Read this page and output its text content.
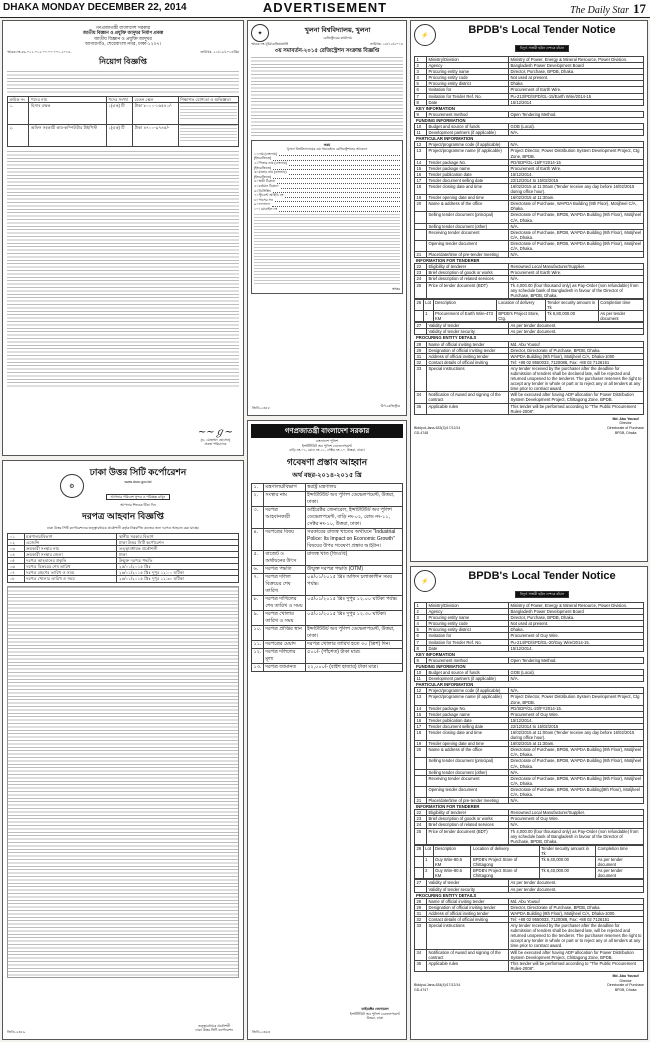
DHAKA MONDAY DECEMBER 22, 2014	ADVERTISEMENT	The Daily Star 17
গণপ্রজাতন্ত্রী বাংলাদেশ সরকার
জাতীয় বিজ্ঞান ও প্রযুক্তি জাদুঘর নির্মাণ প্রকল্প
জাতীয় বিজ্ঞান ও প্রযুক্তি জাদুঘর
আগারগাঁও, শেরেবাংলা নগর, ঢাকা-১২০৭।
স্মারক নং-৩৯.০১২.০১২.০০.০০.০০১.২০১৪-	তারিখঃ- ২১/১২/২০১৪খ্রিঃ
নিয়োগ বিজ্ঞপ্তি
ক্রমিক নং	পদের নাম	পদের সংখ্যা	বেতন স্কেল	শিক্ষাগত যোগ্যতা ও অভিজ্ঞতা
১.	হিসাব রক্ষক	১(এক) টি	টাকা ৮০০০-১৬৫৪০/-	

২.	অফিস সহকারী কাম-কম্পিউটার টাইপিস্ট	১(এক) টি	টাকা ৪৭০০-৯৭৪৫/-	
~~ℊ~
(ড. মোহাম্মদ হোসেন)
প্রকল্প পরিচালক
⚙
ঢাকা উত্তর সিটি কর্পোরেশন
www.dncc.gov.bd
আপনার পরিবেশ সুন্দর ও পরিচ্ছন্ন রাখুন

আপনার শিশুকে টিকা দিন
দরপত্র আহবান বিজ্ঞপ্তি
ঢাকা উত্তর সিটি কর্পোরেশনের তত্ত্বাবধায়ক প্রকৌশলী কর্তৃক নিম্নবর্ণিত কাজের জন্য দরপত্র আহবান করা যাচ্ছে।
০১	মন্ত্রণালয়/বিভাগ	স্থানীয় সরকার বিভাগ
০২	এজেন্সি	ঢাকা উত্তর সিটি কর্পোরেশন
০৩	ক্রয়কারী সংস্থার নাম	তত্ত্বাবধায়ক প্রকৌশলী
০৪	ক্রয়কারী সংস্থার জেলা	ঢাকা
০৫	দরপত্র আহবানের প্রকৃতি	উন্মুক্ত দরপত্র পদ্ধতি
০৬	দরপত্র বিক্রয়ের শেষ তারিখ	২৫/০১/২০১৫ খ্রিঃ
০৭	দরপত্র গ্রহণের তারিখ ও সময়	২৬/০১/২০১৫ খ্রিঃ দুপুর ১২:০০ ঘটিকা
০৮	দরপত্র খোলার তারিখ ও সময়	২৬/০১/২০১৫ খ্রিঃ দুপুর ১২:৩০ ঘটিকা
তত্ত্বাবধায়ক প্রকৌশলী
ঢাকা উত্তর সিটি কর্পোরেশন
জিডি-২৩৫৯
✦	খুলনা বিশ্ববিদ্যালয়, খুলনা
রেজিস্ট্রারের কার্যালয়
স্মারক নং-খুবি/রেজিঃ/ভর্তি	তারিখঃ- ১৮/১২/২০১৪
৩য় সমাবর্তন-২০১৫ রেজিস্ট্রেশন সংক্রান্ত বিজ্ঞপ্তি
ফরম
খুলনা বিশ্ববিদ্যালয়ের ৩য় সমাবর্তনে রেজিস্ট্রেশনের আবেদন
১। নাম (বাংলায়)
(ইংরেজিতে)
২। পিতার নাম (বাংলায়)
(ইংরেজিতে)
৩। মাতার নাম (বাংলায়)
(ইংরেজিতে)
৪। স্থায়ী ঠিকানা
৫। বর্তমান ঠিকানা
৬। ডিসিপ্লিন
৭। স্টুডেন্ট আইডি নং
৮। পাসের সন
৯। ফলাফল
১০। মোবাইল নং
স্বাক্ষর
উপ-রেজিস্ট্রার
জিডি-২৩৫৮
গণপ্রজাতন্ত্রী বাংলাদেশ সরকার
বাংলাদেশ পুলিশ
ইন্সটিটিউট অব পুলিশ ডেভেলপমেন্ট
বাড়ি নং-০২, রোড নং-১১, সেক্টর নং-১০, উত্তরা, ঢাকা।
গবেষণা প্রস্তাব আহ্বান
অর্থ বছর-২০১৪-২০১৫ খ্রি
১.	মন্ত্রণালয়/বিভাগ	স্বরাষ্ট্র মন্ত্রণালয়
২.	সংস্থার নাম	ইন্সটিটিউট অব পুলিশ ডেভেলপমেন্ট, উত্তরা, ঢাকা।
৩.	দরপত্র আহবানকারী	ডাইরেক্টর জেনারেল, ইন্সটিটিউট অব পুলিশ ডেভেলপমেন্ট, বাড়ি নং-০২, রোড নং-১১, সেক্টর নং-১০, উত্তরা, ঢাকা।
৪.	দরপত্রের বিষয়	সরকারের রাজস্ব খাতের অর্থায়নে "Industrial Police: Its Impact on Economic Growth" বিষয়ের উপর গবেষণা প্রস্তাব আহ্বান।
৫.	বাজেট ও অর্থায়নের উৎস	রাজস্ব খাত (জিওবি)
৬.	দরপত্র পদ্ধতি	উন্মুক্ত দরপত্র পদ্ধতি (OTM)
৭.	দরপত্র দলিল বিক্রয়ের শেষ তারিখ	০৪/০১/২০১৫ খ্রিঃ অফিস চলাকালীন সময় পর্যন্ত।
৮.	দরপত্র দাখিলের শেষ তারিখ ও সময়	০৫/০১/২০১৫ খ্রিঃ দুপুর ১২.০০ ঘটিকা পর্যন্ত।
৯.	দরপত্র খোলার তারিখ ও সময়	০৫/০১/২০১৫ খ্রিঃ দুপুর ১২.৩০ ঘটিকা।
১০.	দরপত্র প্রাপ্তির স্থান	ইন্সটিটিউট অব পুলিশ ডেভেলপমেন্ট, উত্তরা, ঢাকা।
১১.	দরপত্রের মেয়াদ	দরপত্র খোলার তারিখ হতে ৩০ (ত্রিশ) দিন।
১২.	দরপত্র দলিলের মূল্য	৫০০/- (পাঁচশত) টাকা মাত্র।
১৩.	দরপত্র জামানত	২২,০০০/- (বাইশ হাজার) টাকা মাত্র।
ডাইরেক্টর জেনারেল
ইন্সটিটিউট অব পুলিশ ডেভেলপমেন্ট
উত্তরা, ঢাকা
জিডি-২৩৬৩
⚡	BPDB's Local Tender Notice
বিদ্যুৎ সাশ্রয়ী হউন দেশকে বাঁচান
1	Ministry/Division	Ministry of Power, Energy & Mineral Resource, Power Division.
2	Agency	Bangladesh Power Development Board
3	Procuring entity name	Director, Purchase, BPDB, Dhaka.
4	Procuring entity code	Not used at present.
5	Procuring entity district	Dhaka
6	Invitation for	Procurement of Earth Wire.
7	Invitation for Tender Ref. No.	Pu-213/PD/SPD/GL-15/Earth Wire/2014-15
8	Date	15/12/2014
KEY INFORMATION		
9	Procurement method	Open Tendering Method.
FUNDING INFORMATION		
10	Budget and source of funds	GOB (Local).
11	Development partners (if applicable)	N/A.
PARTICULAR INFORMATION		
12	Project/programme code (if applicable)	N/A.
13	Project/programme name (if applicable)	Project Director, Power Distribution System Development Project, Ctg Zone, BPDB.
14	Tender package No.	PD/SDP/GL-15/FY2014-15
15	Tender package name	Procurement of Earth Wire.
16	Tender publication date	15/12/2014.
17	Tender document selling date	22/12/2014 to 15/02/2015
18	Tender closing date and time	16/02/2015 at 11:00am (Tender receive any day before 16/02/2015 during office hour).
19	Tender opening date and time	16/02/2015 at 11:30am.
20	Name & address of the office	Directorate of Purchase, WAPDA Building (9th Floor), Motijheel C/A, Dhaka.
	Selling tender document (principal)	Directorate of Purchase, BPDB, WAPDA Building (9th Floor), Motijheel C/A, Dhaka.
	Selling tender document (other)	N/A.
	Receiving tender document	Directorate of Purchase, BPDB, WAPDA Building (9th Floor), Motijheel C/A, Dhaka.
	Opening tender document	Directorate of Purchase, BPDB, WAPDA Building (9th Floor), Motijheel C/A, Dhaka.
21	Place/date/time of pre-tender meeting	N/A.
INFORMATION FOR TENDERER		
22	Eligibility of tenderer	Renowned Local Manufacturer/Supplier.
23	Brief description of goods or works	Procurement of Earth Wire.
24	Brief description of related services	N/A.
25	Price of tender document (BDT)	Tk 4,000.00 (four thousand only) as Pay-Order (non refundable) from any schedule bank of Bangladesh in favour of the Director of Purchase, BPDB, Dhaka.
26	Lot	Description	Location of delivery	Tender security amount in Tk	Completion time
	1	Procurement of Earth Wire-473 KM	BPDB's Project Store, Ctg.	Tk 6,80,000.00	As per tender document
27	Validity of tender	As per tender document.
	Validity of tender security	As per tender document.
PROCURING ENTITY DETAILS		
28	Name of official inviting tender	Md. Abu Yousuf
29	Designation of official inviting tender	Director, Directorate of Purchase, BPDB, Dhaka.
31	Address of official inviting tender	WAPDA Building (9th Floor), Motijheel C/A, Dhaka-1000
32	Contact details of official inviting	Tel: +88 02 9550033, 7120088, Fax: +88 02 7126151
33	Special instructions	Any tender received by the purchaser after the deadline for submission of tenders shall be declared late, will be rejected and returned unopened to the tenderer. The purchaser reserves the right to accept any tender in whole or part or to reject any or all tenders at any time prior to contract award.
34	Notification of Award and signing of the contract	Will be executed after having ADP allocation for Power Distribution System Development Project, Chittagong Zone, BPDB.
35	Applicable rules	This tender will be performed according to "The Public Procurement Rules-2008".
Biddyut-Jana-633(3)/17/12/14
GD-4748
Md. Abu Yousuf
Director
Directorate of Purchase
BPDB, Dhaka
⚡	BPDB's Local Tender Notice
বিদ্যুৎ সাশ্রয়ী হউন দেশকে বাঁচান
1	Ministry/Division	Ministry of Power, Energy & Mineral Resource, Power Division.
2	Agency	Bangladesh Power Development Board
3	Procuring entity name	Director, Purchase, BPDB, Dhaka.
4	Procuring entity code	Not used at present.
5	Procuring entity district	Dhaka.
6	Invitation for	Procurement of Guy Wire.
7	Invitation for Tender Ref. No.	Pu-214/PD/SPD/GL-20/Guy Wire/2014-15.
8	Date	15/12/2014.
KEY INFORMATION		
9	Procurement method	Open Tendering Method.
FUNDING INFORMATION		
10	Budget and source of funds	GOB (Local).
11	Development partners (if applicable)	N/A.
PARTICULAR INFORMATION		
12	Project/programme code (if applicable)	N/A.
13	Project/programme name (if applicable)	Project Director, Power Distribution System Development Project, Ctg Zone, BPDB.
14	Tender package No.	PD/SDP/GL-20/FY2014-15.
15	Tender package name	Procurement of Guy Wire.
16	Tender publication date	15/12/2014.
17	Tender document selling date	22/12/2014 to 15/02/2015
18	Tender closing date and time	16/02/2015 at 11:00am (Tender receive any day before 16/02/2015 during office hour).
19	Tender opening date and time	16/02/2015 at 11:30am.
20	Name & address of the office	Directorate of Purchase, BPDB, WAPDA Building (9th Floor), Motijheel C/A, Dhaka.
	Selling tender document (principal)	Directorate of Purchase, BPDB, WAPDA Building (9th Floor), Motijheel C/A, Dhaka.
	Selling tender document (other)	N/A.
	Receiving tender document	Directorate of Purchase, BPDB, WAPDA Building (9th Floor), Motijheel C/A, Dhaka.
	Opening tender document	Directorate of Purchase, BPDB, WAPDA Building(9th Floor), Motijheel C/A, Dhaka.
21	Place/date/time of pre-tender meeting	N/A.
INFORMATION FOR TENDERER		
22	Eligibility of tenderer	Renowned Local Manufacturer/Supplier.
23	Brief description of goods or works	Procurement of Guy Wire.
24	Brief description of related services	N/A.
25	Price of tender document (BDT)	Tk 4,000.00 (four thousand only) as Pay-Order (non refundable) from any schedule bank of Bangladesh in favour of the Director of Purchase, BPDB, Dhaka.
26	Lot	Description	Location of delivery	Tender security amount in Tk	Completion time
	1	Guy Wire-80.6 KM	BPDB's Project Store of Chittagong	Tk 6,40,000.00	As per tender document
	2	Guy Wire-80.6 KM	BPDB's Project Store of Chittagong	Tk 6,40,000.00	As per tender document
27	Validity of tender	As per tender document.
	Validity of tender security	As per tender document.
PROCURING ENTITY DETAILS		
28	Name of official inviting tender	Md. Abu Yousuf
29	Designation of official inviting tender	Director, Directorate of Purchase, BPDB, Dhaka.
31	Address of official inviting tender	WAPDA Building (9th Floor), Motijheel C/A, Dhaka-1000.
32	Contact details of official inviting	Tel: +88 02 9550033, 7120088, Fax: +88 02 7126151
33	Special instructions	Any tender received by the purchaser after the deadline for submission of tenders shall be declared late, will be rejected and returned unopened to the tenderer. The purchaser reserves the right to accept any tender in whole or part or to reject any or all tenders at any time prior to contract award.
34	Notification of Award and signing of the contract	Will be executed after having ADP allocation for Power Distribution System Development Project, Chittagong Zone, BPDB.
35	Applicable rules	This tender will be performed according to "The Public Procurement Rules-2008".
Biddyut-Jana-634(4)/17/12/14
GD-4747
Md. Abu Yousuf
Director
Directorate of Purchase
BPDB, Dhaka
